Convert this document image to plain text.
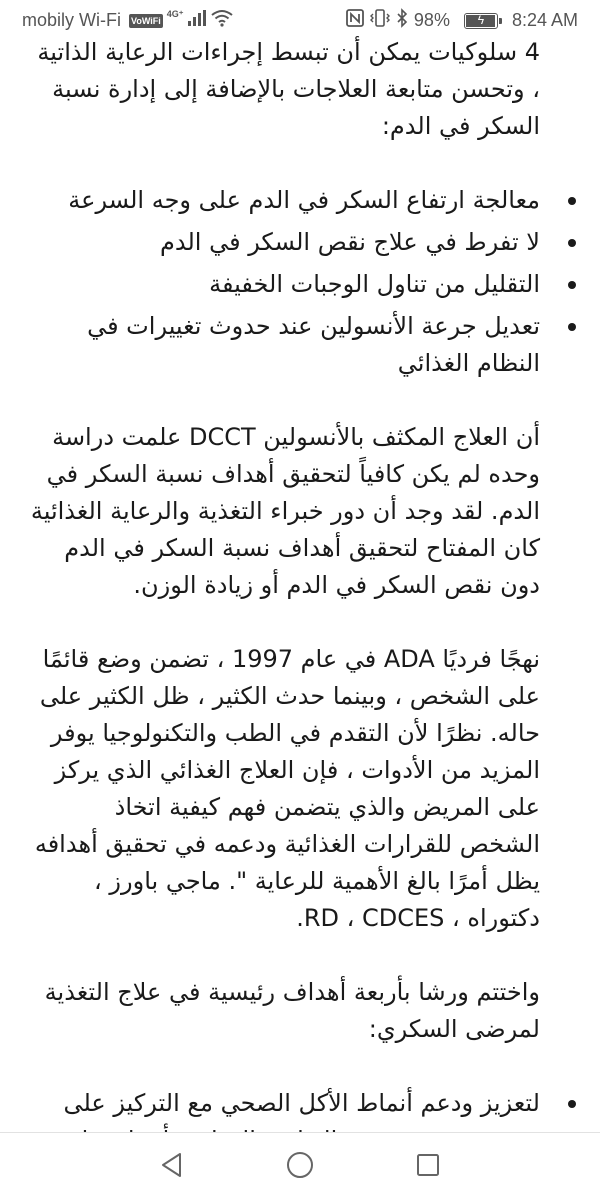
mobily Wi-Fi VoWiFi
4G⁺	98%	ϟ	8:24 AM

4 سلوكيات يمكن أن تبسط إجراءات الرعاية الذاتية ، وتحسن متابعة العلاجات بالإضافة إلى إدارة نسبة السكر في الدم:

معالجة ارتفاع السكر في الدم على وجه السرعة
لا تفرط في علاج نقص السكر في الدم
التقليل من تناول الوجبات الخفيفة
تعديل جرعة الأنسولين عند حدوث تغييرات في النظام الغذائي

أن العلاج المكثف بالأنسولين DCCT علمت دراسة وحده لم يكن كافياً لتحقيق أهداف نسبة السكر في الدم. لقد وجد أن دور خبراء التغذية والرعاية الغذائية كان المفتاح لتحقيق أهداف نسبة السكر في الدم دون نقص السكر في الدم أو زيادة الوزن.

نهجًا فرديًا ADA في عام 1997 ، تضمن وضع قائمًا على الشخص ، وبينما حدث الكثير ، ظل الكثير على حاله. نظرًا لأن التقدم في الطب والتكنولوجيا يوفر المزيد من الأدوات ، فإن العلاج الغذائي الذي يركز على المريض والذي يتضمن فهم كيفية اتخاذ الشخص للقرارات الغذائية ودعمه في تحقيق أهدافه يظل أمرًا بالغ الأهمية للرعاية ". ماجي باورز ، دكتوراه ، RD ، CDCES.

واختتم ورشا بأربعة أهداف رئيسية في علاج التغذية لمرضى السكري:

لتعزيز ودعم أنماط الأكل الصحي مع التركيز على
